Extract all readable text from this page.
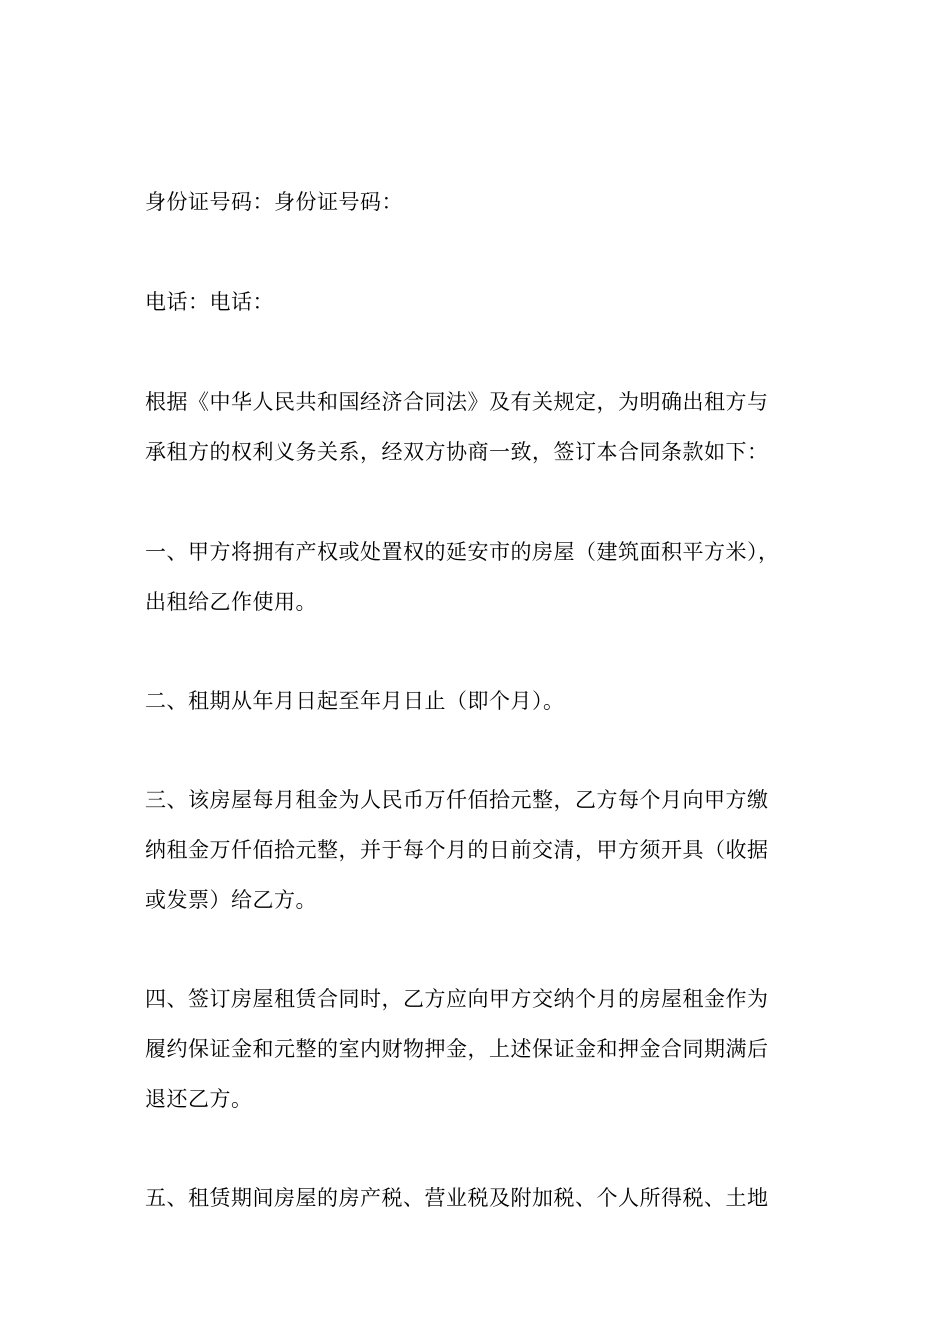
身份证号码：身份证号码：
电话：电话：
根据《中华人民共和国经济合同法》及有关规定，为明确出租方与
承租方的权利义务关系，经双方协商一致，签订本合同条款如下：
一、甲方将拥有产权或处置权的延安市的房屋（建筑面积平方米），
出租给乙作使用。
二、租期从年月日起至年月日止（即个月）。
三、该房屋每月租金为人民币万仟佰拾元整，乙方每个月向甲方缴
纳租金万仟佰拾元整，并于每个月的日前交清，甲方须开具（收据
或发票）给乙方。
四、签订房屋租赁合同时，乙方应向甲方交纳个月的房屋租金作为
履约保证金和元整的室内财物押金，上述保证金和押金合同期满后
退还乙方。
五、租赁期间房屋的房产税、营业税及附加税、个人所得税、土地
